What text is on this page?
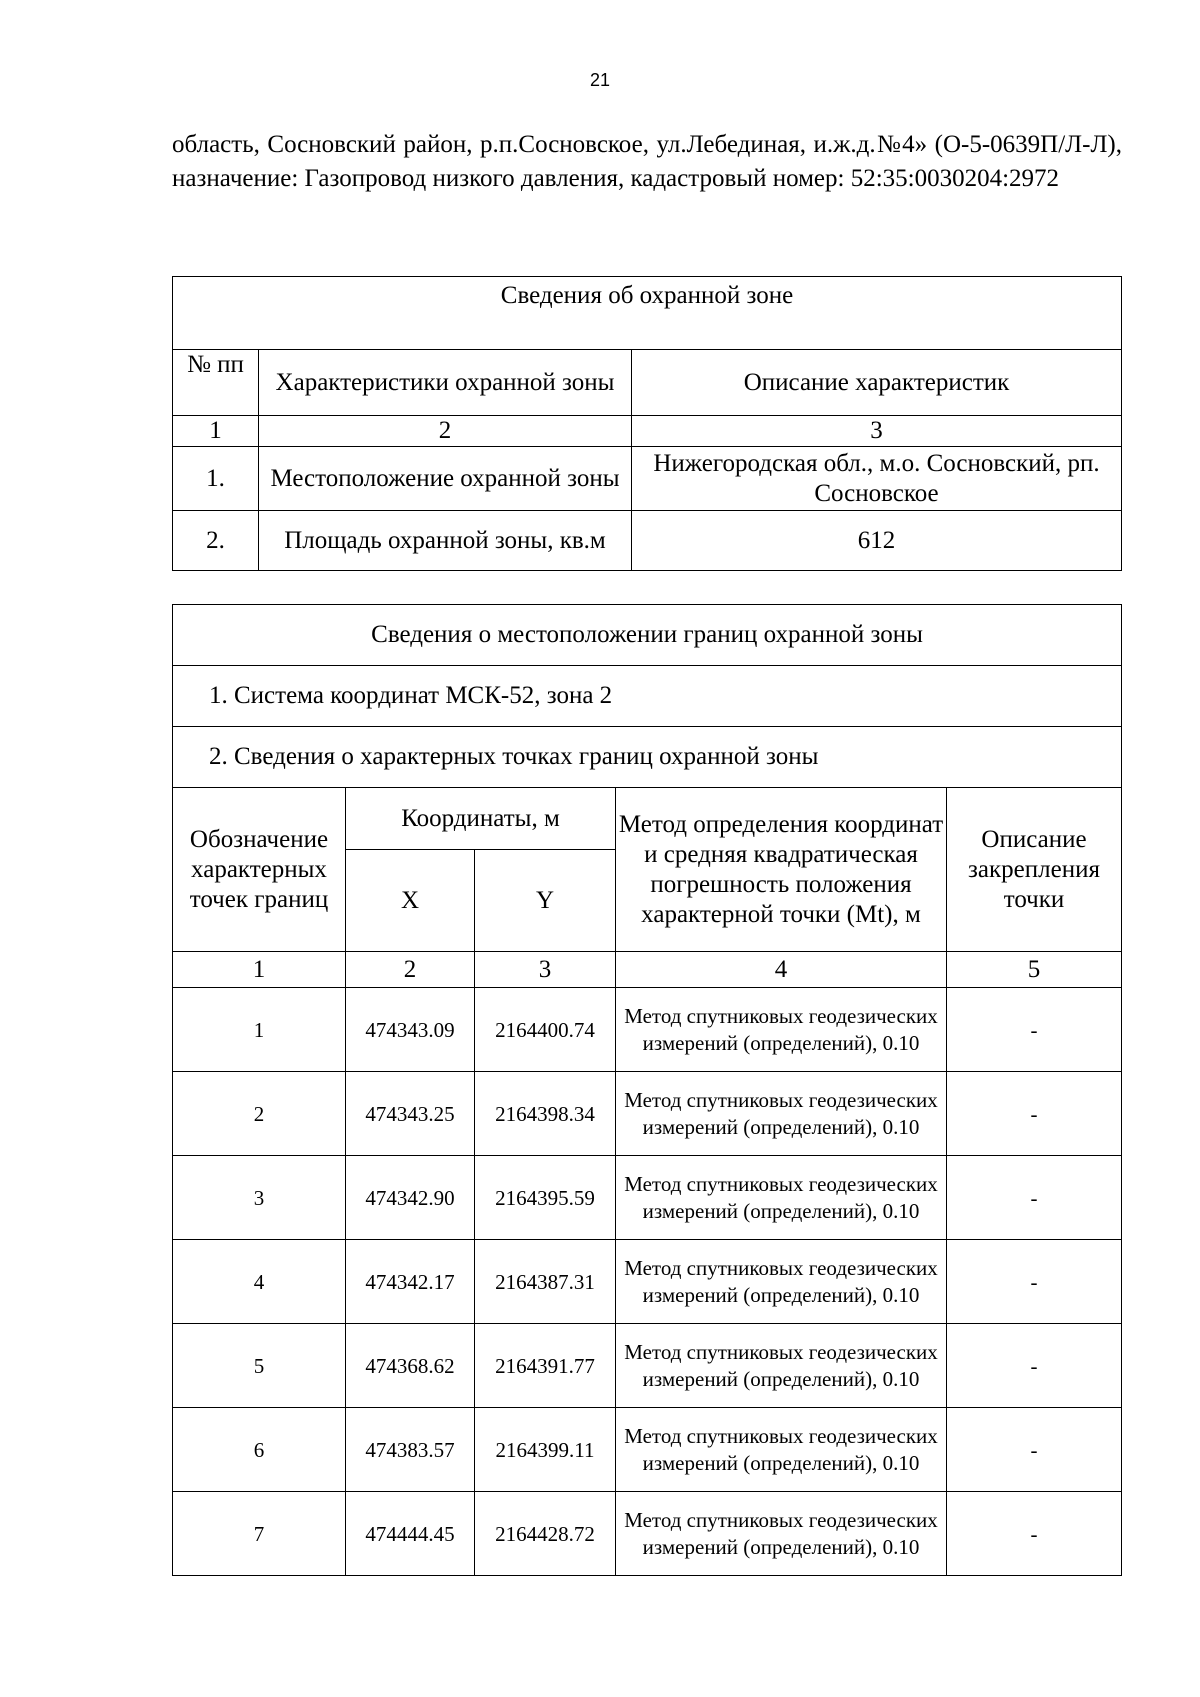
21

область, Сосновский район, р.п.Сосновское, ул.Лебединая, и.ж.д.№4» (О-5-0639П/Л-Л), назначение: Газопровод низкого давления, кадастровый номер: 52:35:0030204:2972

Сведения об охранной зоне		
№ пп	Характеристики охранной зоны	Описание характеристик
1	2	3
1.	Местоположение охранной зоны	Нижегородская обл., м.о. Сосновский, рп. Сосновское
2.	Площадь охранной зоны, кв.м	612
Сведения о местоположении границ охранной зоны				
1. Система координат МСК-52, зона 2				
2. Сведения о характерных точках границ охранной зоны				
Обозначение характерных точек границ	Координаты, м		Метод определения координат и средняя квадратическая погрешность положения характерной точки (Mt), м	Описание закрепления точки
	X	Y		
1	2	3	4	5
1	474343.09	2164400.74	Метод спутниковых геодезических измерений (определений), 0.10	-
2	474343.25	2164398.34	Метод спутниковых геодезических измерений (определений), 0.10	-
3	474342.90	2164395.59	Метод спутниковых геодезических измерений (определений), 0.10	-
4	474342.17	2164387.31	Метод спутниковых геодезических измерений (определений), 0.10	-
5	474368.62	2164391.77	Метод спутниковых геодезических измерений (определений), 0.10	-
6	474383.57	2164399.11	Метод спутниковых геодезических измерений (определений), 0.10	-
7	474444.45	2164428.72	Метод спутниковых геодезических измерений (определений), 0.10	-
